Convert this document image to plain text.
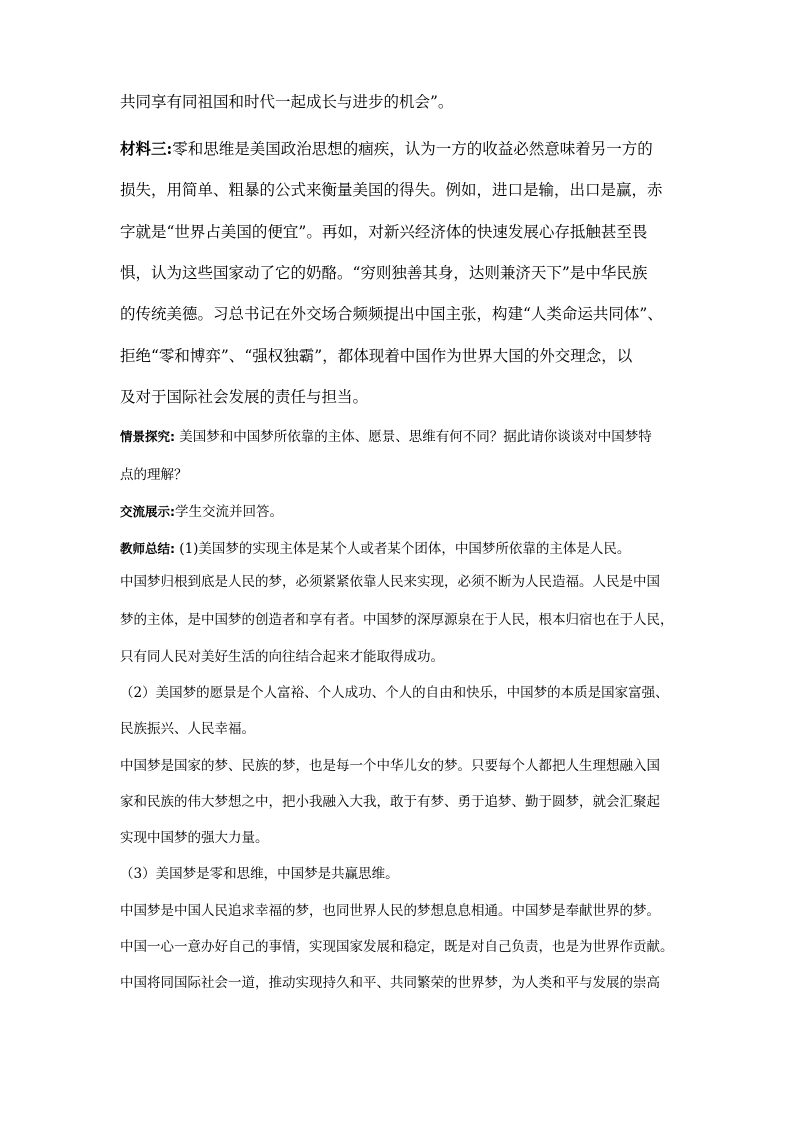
共同享有同祖国和时代一起成长与进步的机会”。
材料三:零和思维是美国政治思想的痼疾，认为一方的收益必然意味着另一方的
损失，用简单、粗暴的公式来衡量美国的得失。例如，进口是输，出口是赢，赤
字就是“世界占美国的便宜”。再如，对新兴经济体的快速发展心存抵触甚至畏
惧，认为这些国家动了它的奶酪。“穷则独善其身，达则兼济天下”是中华民族
的传统美德。习总书记在外交场合频频提出中国主张，构建“人类命运共同体”、
拒绝“零和博弈”、“强权独霸”，都体现着中国作为世界大国的外交理念，以
及对于国际社会发展的责任与担当。
情景探究: 美国梦和中国梦所依靠的主体、愿景、思维有何不同？据此请你谈谈对中国梦特
点的理解？
交流展示:学生交流并回答。
教师总结: (1)美国梦的实现主体是某个人或者某个团体，中国梦所依靠的主体是人民。
中国梦归根到底是人民的梦，必须紧紧依靠人民来实现，必须不断为人民造福。人民是中国
梦的主体，是中国梦的创造者和享有者。中国梦的深厚源泉在于人民，根本归宿也在于人民，
只有同人民对美好生活的向往结合起来才能取得成功。
（2）美国梦的愿景是个人富裕、个人成功、个人的自由和快乐，中国梦的本质是国家富强、
民族振兴、人民幸福。
中国梦是国家的梦、民族的梦，也是每一个中华儿女的梦。只要每个人都把人生理想融入国
家和民族的伟大梦想之中，把小我融入大我，敢于有梦、勇于追梦、勤于圆梦，就会汇聚起
实现中国梦的强大力量。
（3）美国梦是零和思维，中国梦是共赢思维。
中国梦是中国人民追求幸福的梦，也同世界人民的梦想息息相通。中国梦是奉献世界的梦。
中国一心一意办好自己的事情，实现国家发展和稳定，既是对自己负责，也是为世界作贡献。
中国将同国际社会一道，推动实现持久和平、共同繁荣的世界梦，为人类和平与发展的崇高
